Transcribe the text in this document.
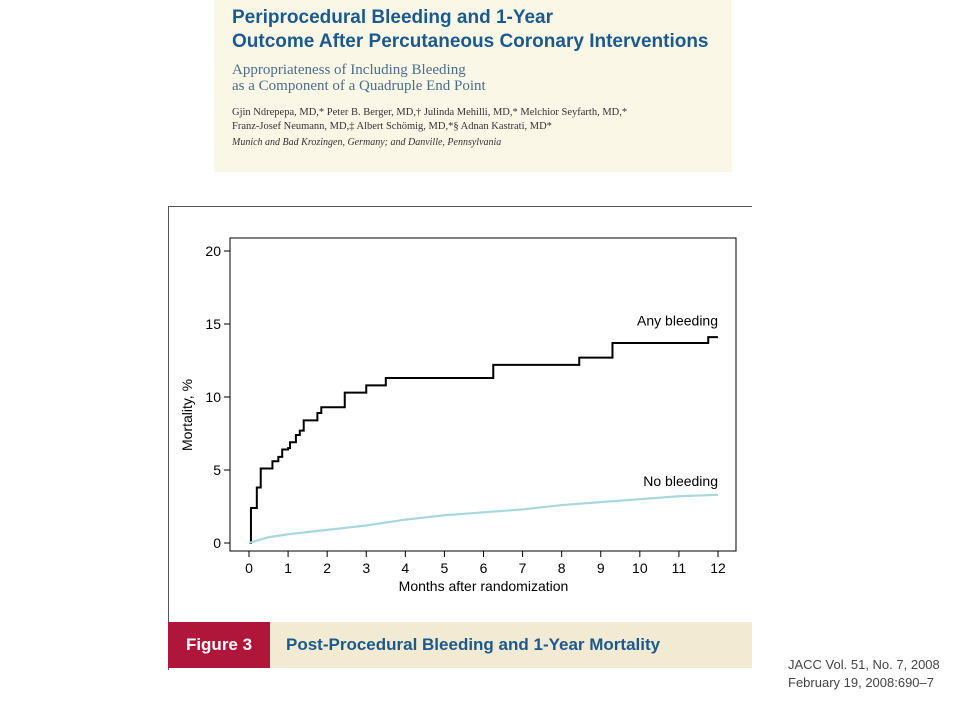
Periprocedural Bleeding and 1-Year
Outcome After Percutaneous Coronary Interventions

Appropriateness of Including Bleeding
as a Component of a Quadruple End Point

Gjin Ndrepepa, MD,* Peter B. Berger, MD,† Julinda Mehilli, MD,* Melchior Seyfarth, MD,*
Franz-Josef Neumann, MD,‡ Albert Schömig, MD,*§ Adnan Kastrati, MD*

Munich and Bad Krozingen, Germany; and Danville, Pennsylvania

0
5
10
15
20
0 1 2 3 4 5 6 7 8 9 10 11 12
Months after randomization
Mortality, %
Any bleeding
No bleeding
Figure 3	Post-Procedural Bleeding and 1-Year Mortality
JACC Vol. 51, No. 7, 2008
February 19, 2008:690–7
